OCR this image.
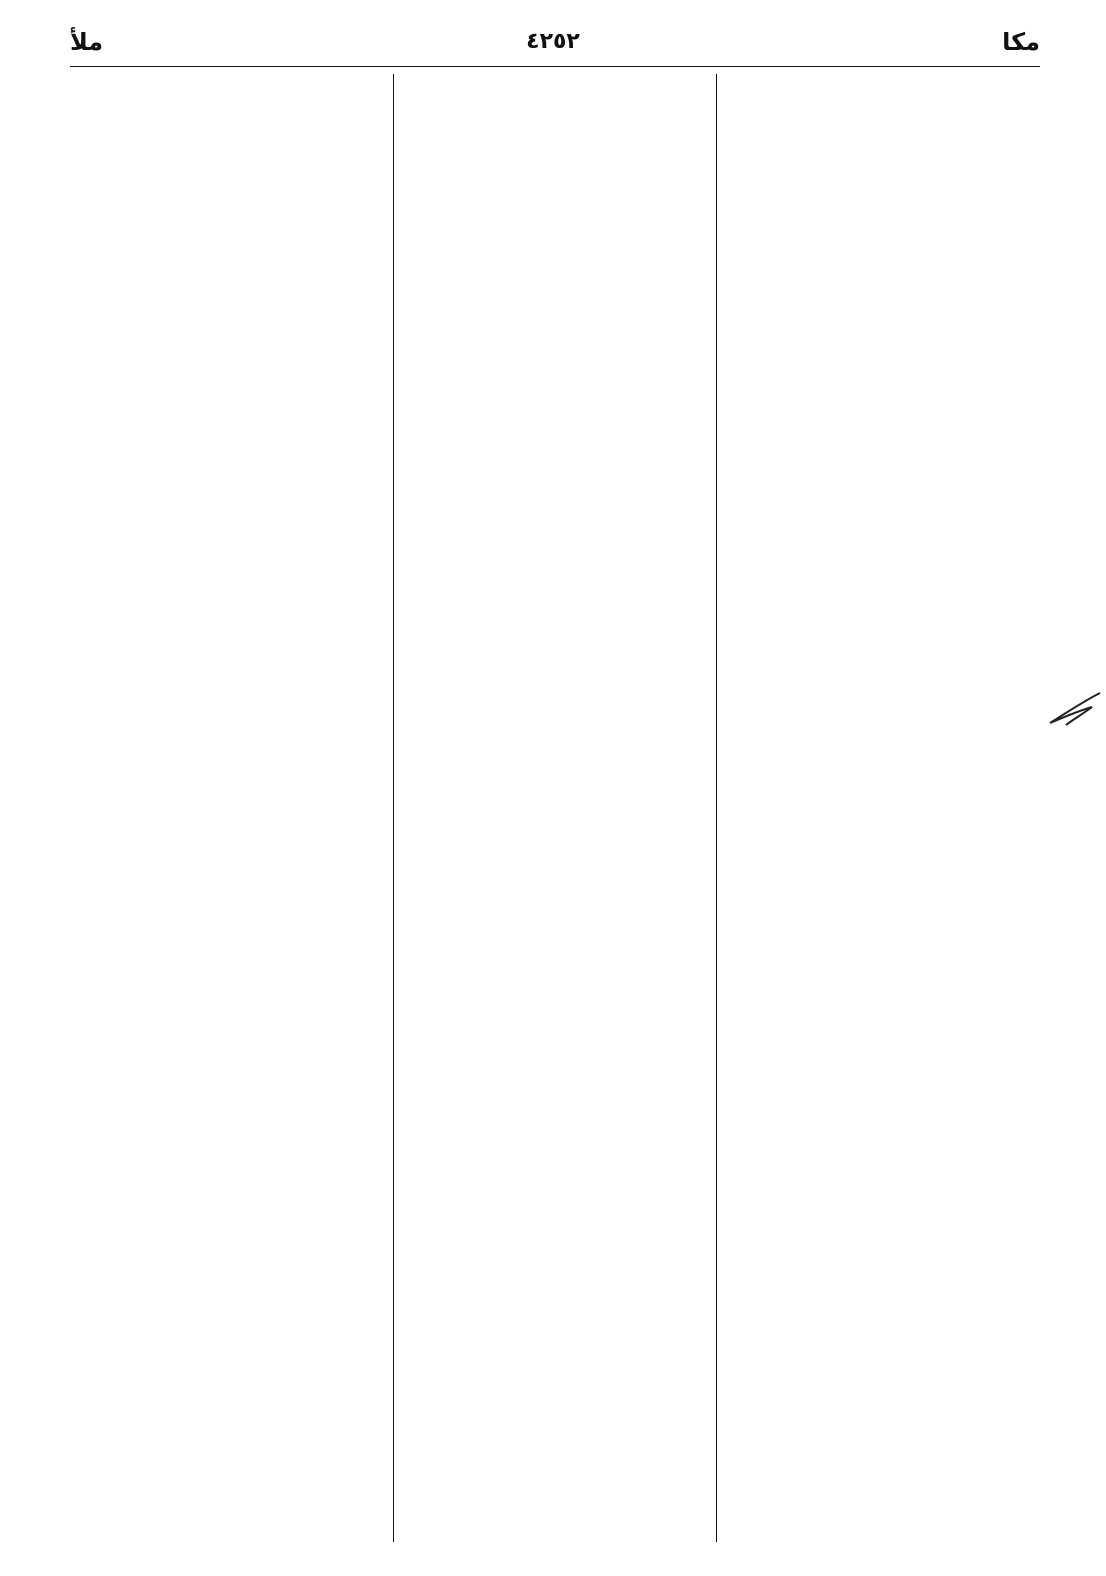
مكا
٤٢٥٢
ملأ
